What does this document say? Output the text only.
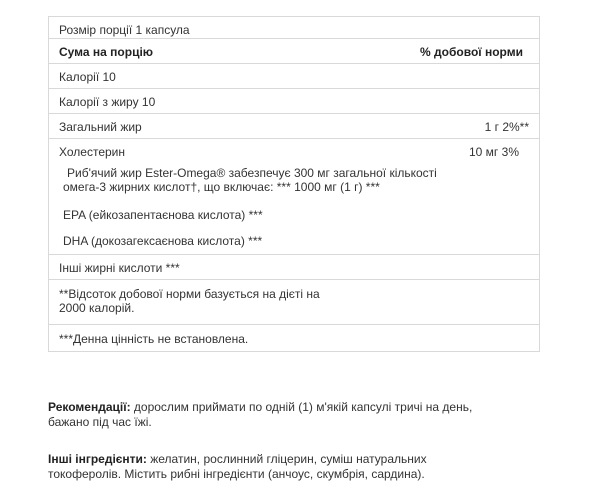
Розмір порції 1 капсула
Сума на порцію	% добової норми
Калорії 10
Калорії з жиру 10
Загальний жир	1 г 2%**
Холестерин	10 мг 3%
Риб'ячий жир Ester-Omega® забезпечує 300 мг загальної кількості
омега-3 жирних кислот†, що включає: *** 1000 мг (1 г) ***
EPA (ейкозапентаєнова кислота) ***
DHA (докозагексаєнова кислота) ***
Інші жирні кислоти ***
**Відсоток добової норми базується на дієті на
2000 калорій.
***Денна цінність не встановлена.
Рекомендації: дорослим приймати по одній (1) м'якій капсулі тричі на день,
бажано під час їжі.
Інші інгредієнти: желатин, рослинний гліцерин, суміш натуральних
токоферолів. Містить рибні інгредієнти (анчоус, скумбрія, сардина).
